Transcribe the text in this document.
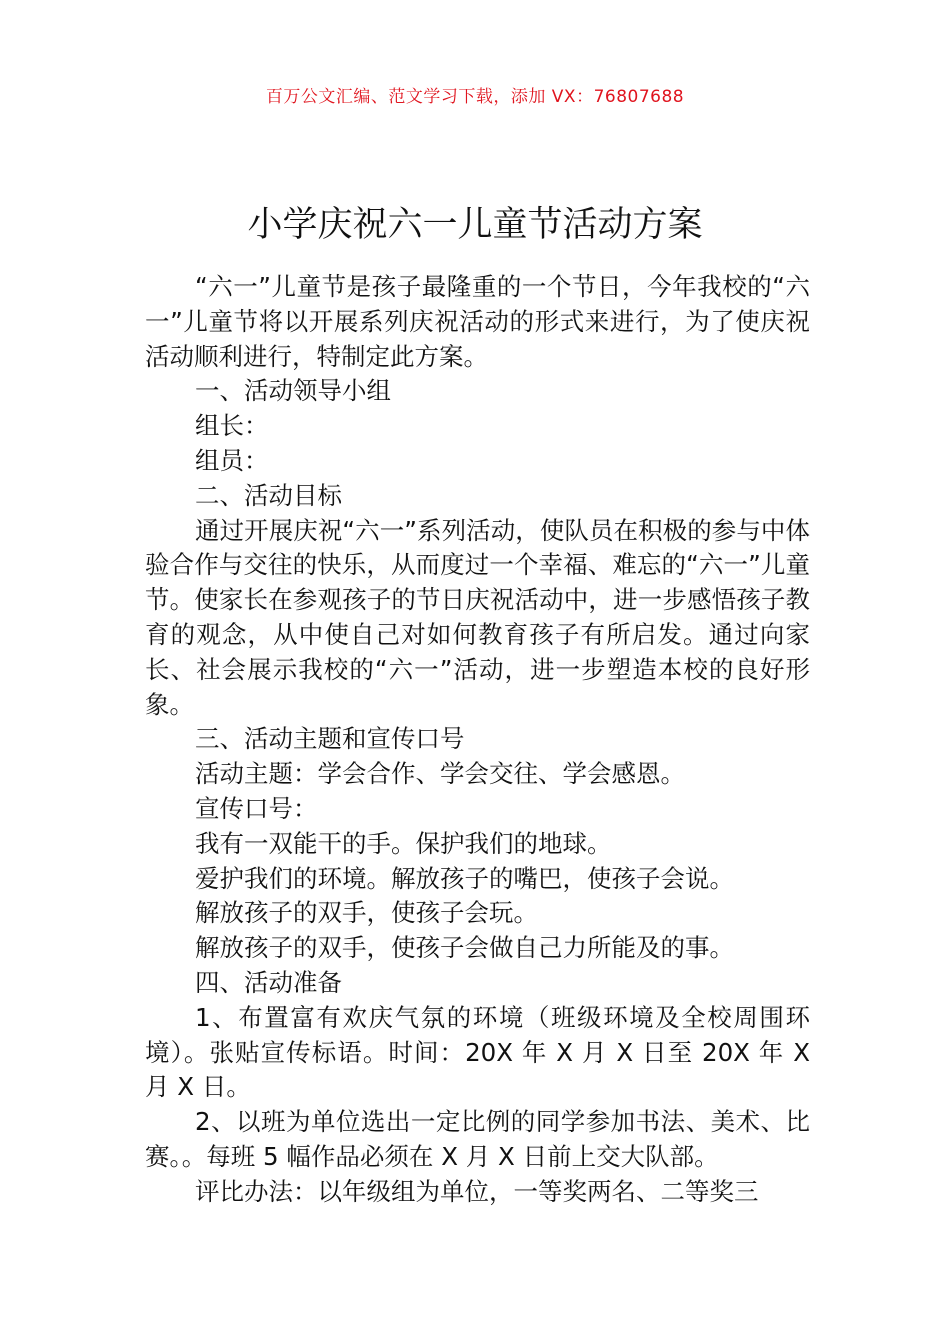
百万公文汇编、范文学习下载，添加 VX：76807688
小学庆祝六一儿童节活动方案

“六一”儿童节是孩子最隆重的一个节日，今年我校的“六一”儿童节将以开展系列庆祝活动的形式来进行，为了使庆祝活动顺利进行，特制定此方案。

一、活动领导小组

组长：

组员：

二、活动目标

通过开展庆祝“六一”系列活动，使队员在积极的参与中体验合作与交往的快乐，从而度过一个幸福、难忘的“六一”儿童节。使家长在参观孩子的节日庆祝活动中，进一步感悟孩子教育的观念，从中使自己对如何教育孩子有所启发。通过向家长、社会展示我校的“六一”活动，进一步塑造本校的良好形象。

三、活动主题和宣传口号

活动主题：学会合作、学会交往、学会感恩。

宣传口号：

我有一双能干的手。保护我们的地球。

爱护我们的环境。解放孩子的嘴巴，使孩子会说。

解放孩子的双手，使孩子会玩。

解放孩子的双手，使孩子会做自己力所能及的事。

四、活动准备

1、布置富有欢庆气氛的环境（班级环境及全校周围环境）。张贴宣传标语。时间：20X 年 X 月 X 日至 20X 年 X 月 X 日。

2、以班为单位选出一定比例的同学参加书法、美术、比赛。。每班 5 幅作品必须在 X 月 X 日前上交大队部。

评比办法：以年级组为单位，一等奖两名、二等奖三
